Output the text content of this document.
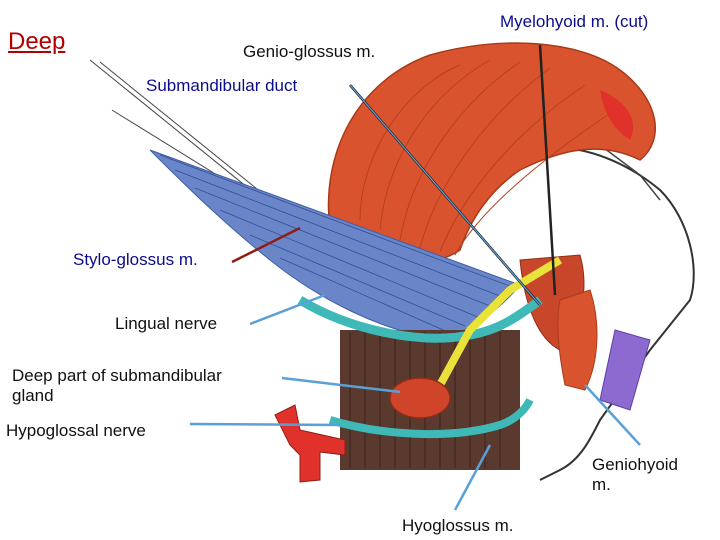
Deep
Myelohyoid m. (cut)
Genio-glossus m.
Submandibular duct
Stylo-glossus m.
Lingual nerve
Deep part of submandibular
gland
Hypoglossal nerve
Geniohyoid
m.
Hyoglossus m.
